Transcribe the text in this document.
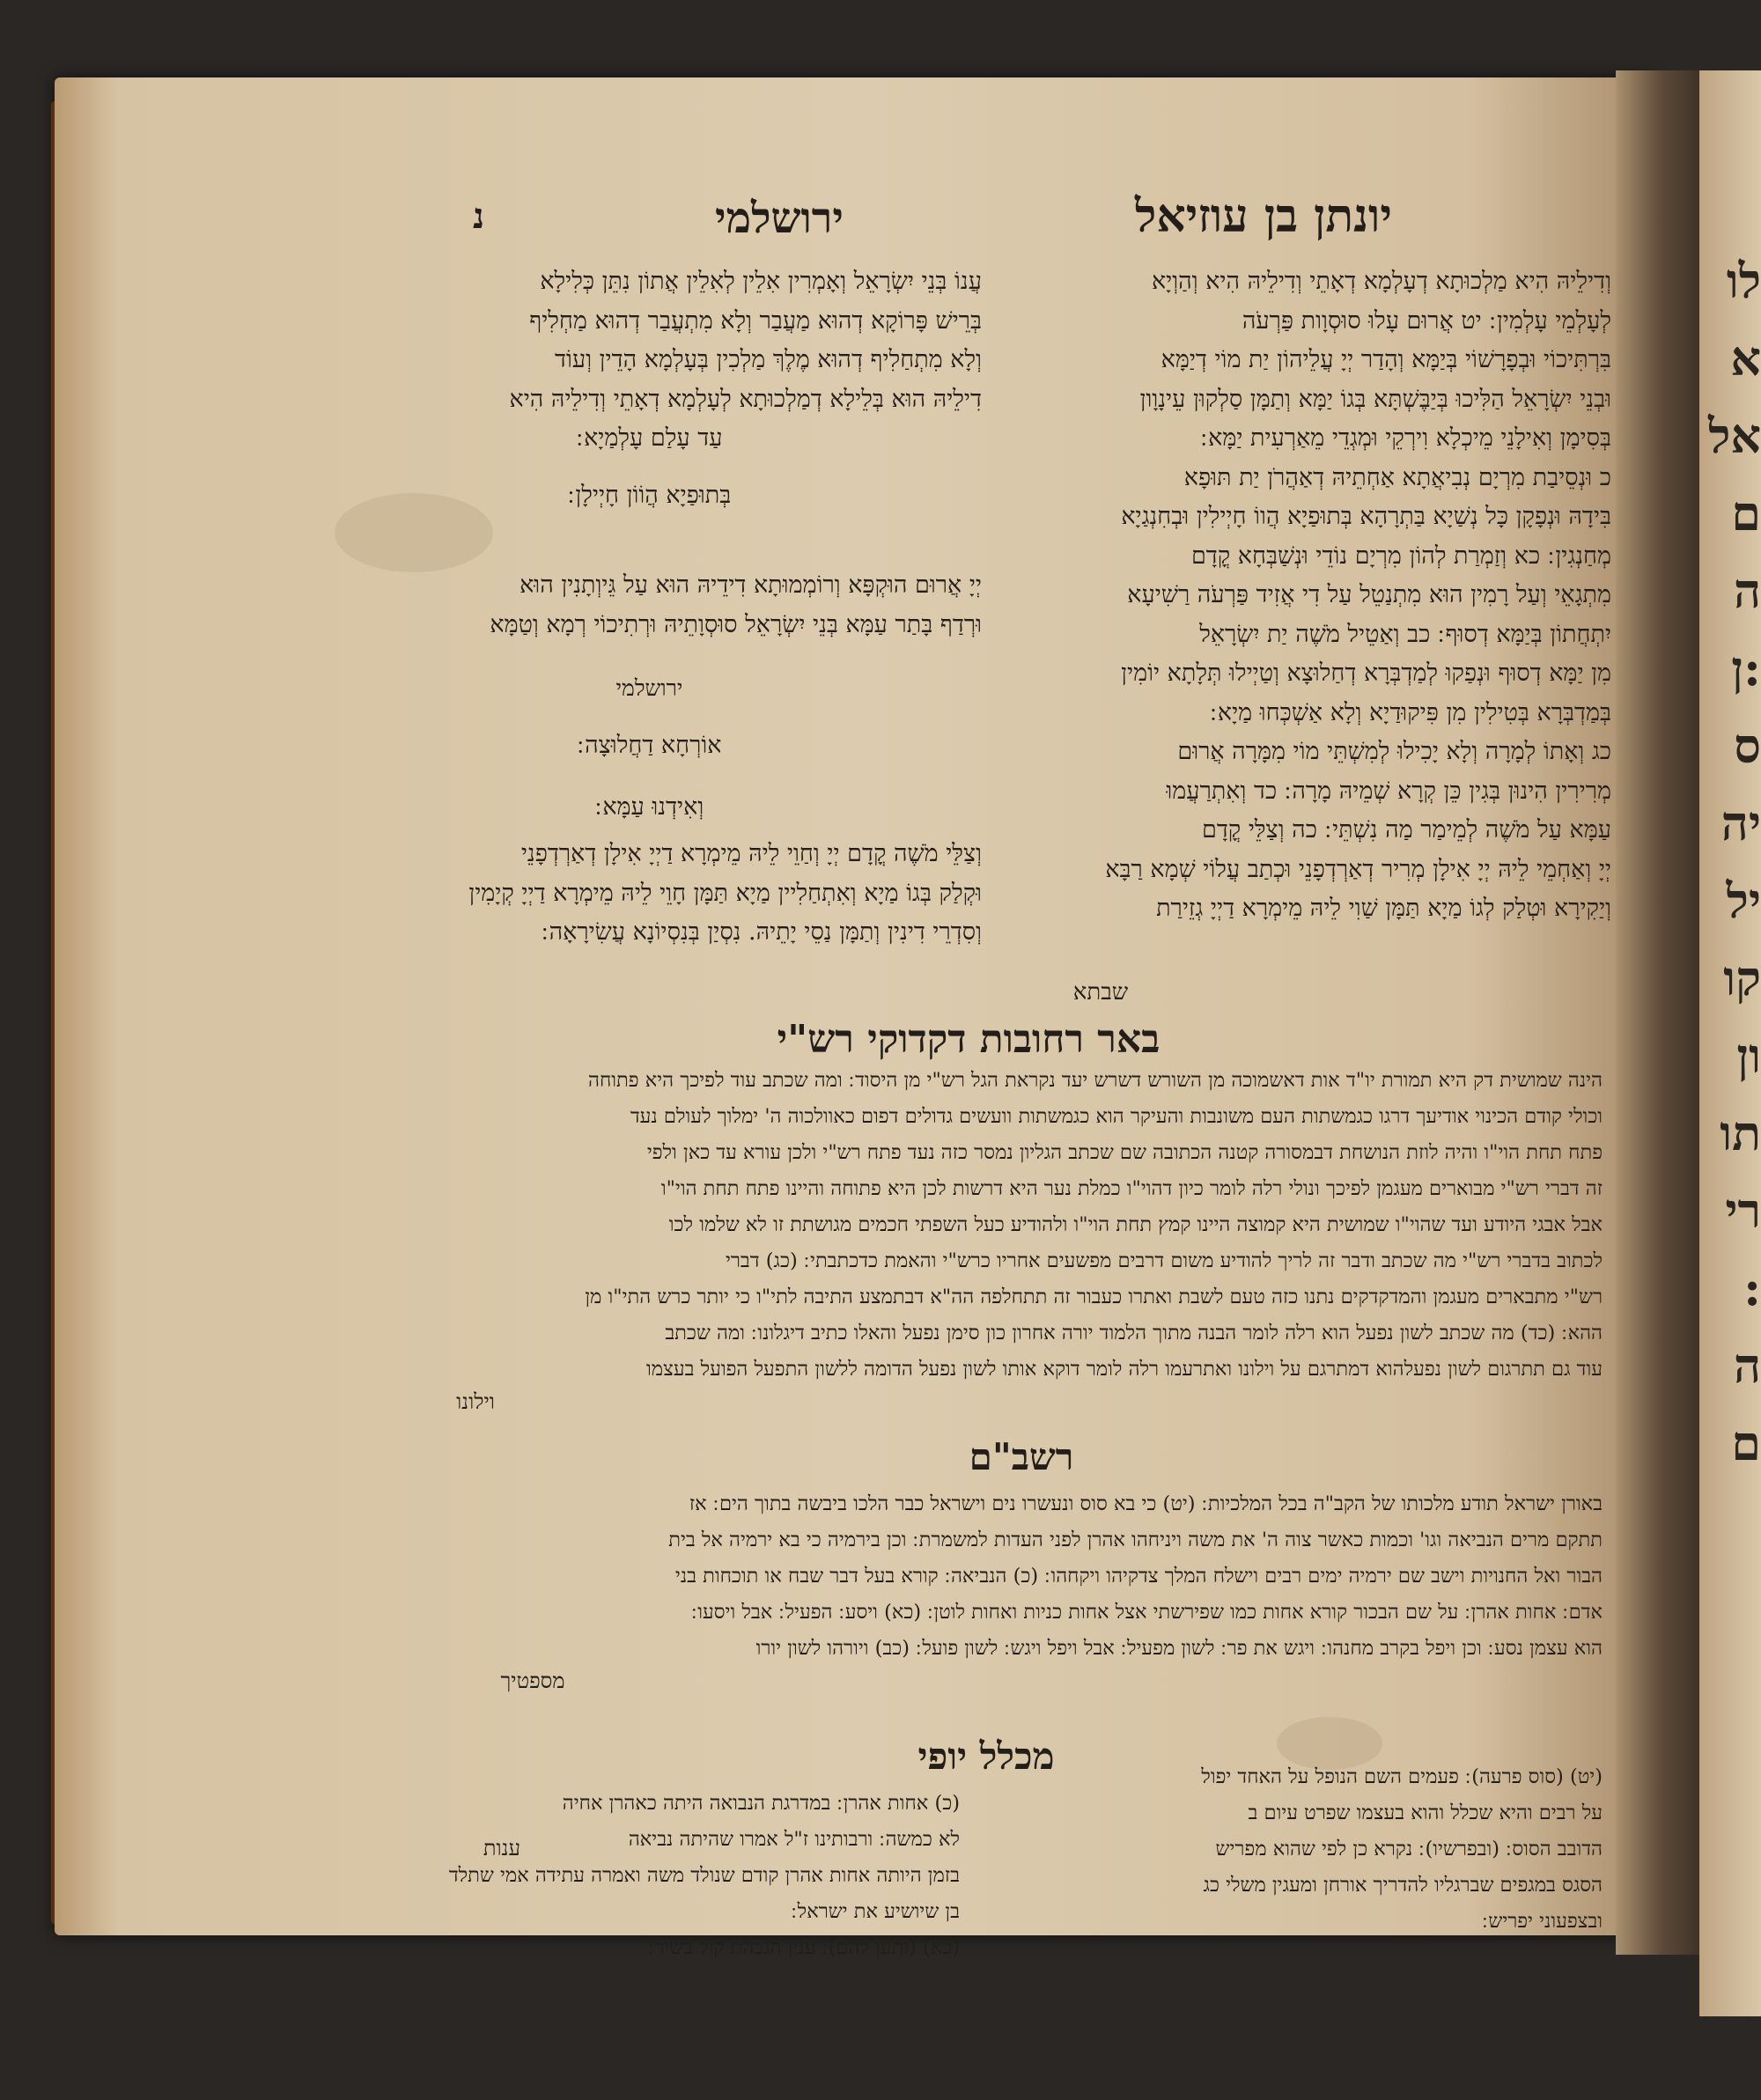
לו
א
אל
ם
ה
:ן
ס
יה
יל
קו
ון
תו
רי
:
ה
ם
יונתן בן עוזיאל
ירושלמי
נ
וְדִילֵיהּ הִיא מַלְכוּתָא דְעָלְמָא דְאָתֵי וְדִילֵיהּ הִיא וְהַוְיָא
לְעָלְמֵי עָלְמִין ׃ יט אֲרוּם עָלוּ סוּסְוָות פַּרְעֹה
בִּרְתִּיכוֹי וּבְפָרָשׁוֹי בְּיַמָּא וְהָדַר יְיָ עֲלֵיהוֹן יַת מוֹי דְיַמָּא
וּבְנֵי יִשְׂרָאֵל הַלִּיכוּ בְּיַבֶּשְׁתָּא בְּגוֹ יַמָּא וְתַמָּן סַלְקוּן עֵינָוָון
בְּסִימָן וְאִילָנֵי מֵיכְלָא וִירְקֵי וּמְגְדֵי מֵאַרְעִית יַמָּא ׃
כ וּנְסֵיבַת מִרְיָם נְבִיאֲתָא אַחְתֵיהּ דְאַהֲרֹן יַת תּוּפָא
בִּידָהּ וּנְפָקָן כָּל נְשַׁיָא בַּתְרָהָא בְּתוּפַיָא הֲווֹ חָיְילִין וּבְחִנְגַיָא
מְחַנְגִין ׃ כא וְזַמְרַת לְהוֹן מִרְיָם נוֹדֵי וּנְשַׁבְּחָא קֳדָם
מִתְגָאֵי וְעַל רָמִין הוּא מִתְנַטֵל עַל דִי אֲזִיד פַּרְעֹה רַשִׁיעָא
יִתְחֲתוֹן בְּיַמָּא דְסוּף ׃ כב וְאַטֵיל מֹשֶׁה יַת יִשְׂרָאֵל
מִן יַמָּא דְסוּף וּנְפַקוּ לְמַדְבְּרָא דְחַלוּצָא וְטַיְילוּ תְּלָתָא יוֹמִין
בְּמַדְבְּרָא בְּטִילִין מִן פִּיקוּדַיָא וְלָא אַשְׁכְּחוּ מַיָא ׃
כג וְאָתוֹ לְמָרָה וְלָא יָכִילוּ לְמִשְׁתֵּי מוֹי מִמָּרָה אֲרוּם
מְרִירִין הִינוּן בְּגִין כֵּן קְרָא שְׁמֵיהּ מָרָה ׃ כד וְאִתְרַעֲמוּ
עַמָּא עַל מֹשֶׁה לְמֵימַר מַה נִשְׁתֵּי ׃ כה וְצַלֵּי קֳדָם
יְיָ וְאַחְמֵי לֵיהּ יְיָ אִילָן מְרִיר דְאַרְדְפָנֵי וּכְתַב עֲלוֹי שְׁמָא רַבָּא
וְיַקִירָא וּטְלַק לְגוֹ מַיָא תַּמָּן שַׁוִי לֵיהּ מֵימְרָא דַיְיָ גְזֵירַת
שבתא
עֲנוֹ בְּנֵי יִשְׂרָאֵל וְאָמְרִין אִלֵין לְאִלֵין אֲתוֹן נִתֵּן כְּלִילָא
בְּרֵישׁ פָּרוֹקָא דְהוּא מַעֲבַר וְלָא מִתְעֲבַר דְהוּא מַחְלִיף
וְלָא מִתְחַלִיף דְהוּא מֶלֶךְ מַלְכִין בְּעָלְמָא הָדֵין וְעוֹד
דִילֵיהּ הוּא בְּלֵילָא דְמַלְכוּתָא לְעָלְמָא דְאָתֵי וְדִילֵיהּ הִיא
עַד עָלַם עָלְמַיָא ׃
בְּתוּפַיָא הֲוֹוֹן חָיְילָן ׃
יְיָ אֲרוּם הוּקְפָּא וְרוֹמְמוּתָא דִידֵיהּ הוּא עַל גֵּיוְתָנִין הוּא
וּרְדַף בָּתַר עַמָּא בְּנֵי יִשְׂרָאֵל סוּסְוָתֵיהּ וּרְתִיכוֹי רְמָא וְטַמָּא
ירושלמי
אוֹרְחָא דַחֲלוּצָה ׃
וְאִידְנוּ עַמָּא ׃
וְצַלֵּי מֹשֶׁה קֳדָם יְיָ וְחַוֵי לֵיהּ מֵימְרָא דַיְיָ אִילָן דְאַרְדְפָנֵי
וּקְלַק בְּגוֹ מַיָא וְאִתְחַלִיין מַיָא תַּמָּן חָוֵי לֵיהּ מֵימְרָא דַיְיָ קְיָמִין
וְסִדְרֵי דִינִין וְתַמָּן נַסֵי יָתֵיהּ. נִסְיַן בְּנִסְיוֹנָא עֲשִׂירָאָה ׃
באר רחובות דקדוקי רש"י
הינה שמושית דק היא תמורת יו"ד אות דאשמוכה מן השורש דשרש יעד נקראת הגל רש"י מן היסוד ׃ ומה שכתב עוד לפיכך היא פתוחה
וכולי קודם הכינוי אודיעך דרגו כגמשתות העם משונבות והעיקר הוא כגמשתות וועשים גדולים דפום כאוולכוה ה' ימלוך לעולם נעד
פתח תחת הוי"ו והיה לוזת הנושחת דבמסורה קטנה הכתובה שם שכתב הגליון נמסר כזה נעד פתח רש"י ולכן עורא עד כאן ולפי
זה דברי רש"י מבוארים מעגמן לפיכך ונולי רלה לומר כיון דהוי"ו כמלת נער היא דרשות לכן היא פתוחה והיינו פתח תחת הוי"ו
אבל אבגי היודע ועד שהוי"ו שמושית היא קמוצה היינו קמץ תחת הוי"ו ולהודיע כעל השפתי חכמים מגושתת זו לא שלמו לכו
לכתוב בדברי רש"י מה שכתב ודבר זה לריך להודיע משום דרבים מפשעים אחריו כרש"י והאמת כדכתבתי ׃ (כג) דברי
רש"י מתבארים מעגמן והמדקדקים נתנו כזה טעם לשבת ואתרו כעבור זה תתחלפה הה"א דבתמצע התיבה לתי"ו כי יותר כרש התי"ו מן
ההא ׃ (כד) מה שכתב לשון נפעל הוא רלה לומר הבנה מתוך הלמוד יורה אחרון כון סימן נפעל והאלו כתיב דיגלונו ׃ ומה שכתב
עוד גם תתרגום לשון נפעלהוא דמתרגם על וילונו ואתרעמו רלה לומר דוקא אותו לשון נפעל הדומה ללשון התפעל הפועל בעצמו
וילונו
רשב"ם
באורן ישראל תודע מלכותו של הקב"ה בכל המלכיות ׃ (יט) כי בא סוס ונעשרו נים וישראל כבר הלכו ביבשה בתוך הים ׃ אז
תתקם מרים הנביאה וגו' וכמות כאשר צוה ה' את משה ויניחהו אהרן לפני העדות למשמרת ׃ וכן בירמיה כי בא ירמיה אל בית
הבור ואל החנויות וישב שם ירמיה ימים רבים וישלח המלך צדקיהו ויקחהו ׃ (כ) הנביאה ׃ קורא בעל דבר שבח או תוכחות בני
אדם ׃ אחות אהרן ׃ על שם הבכור קורא אחות כמו שפירשתי אצל אחות כניות ואחות לוטן ׃ (כא) ויסע ׃ הפעיל ׃ אבל ויסעו ׃
הוא עצמן נסע ׃ וכן ויפל בקרב מחנהו ׃ ויגש את פר ׃ לשון מפעיל ׃ אבל ויפל ויגש ׃ לשון פועל ׃ (כב) ויורהו לשון יורו
מספטיך
מכלל יופי	(יט) (סוס פרעה) ׃ פעמים השם הנופל על האחד יפול
על רבים והיא שכלל והוא בעצמו שפרט עיום ב
הדובב הסוס ׃ (ובפרשיו) ׃ נקרא כן לפי שהוא מפריש
הסגס במגפים שברגליו להדריך אורחן ומעגין משלי כג
ובצפעוני יפריש ׃
(כ) אחות אהרן ׃ במדרגת הנבואה היתה כאהרן אחיה
לא כמשה ׃ ורבותינו ז"ל אמרו שהיתה נביאה
בזמן היותה אחות אהרן קודם שנולד משה ואמרה עתידה אמי שתלד
בן שיושיע את ישראל ׃
(כא) (ותען להם) ׃ ענין הגבהת קול בשיר ׃
ענות
